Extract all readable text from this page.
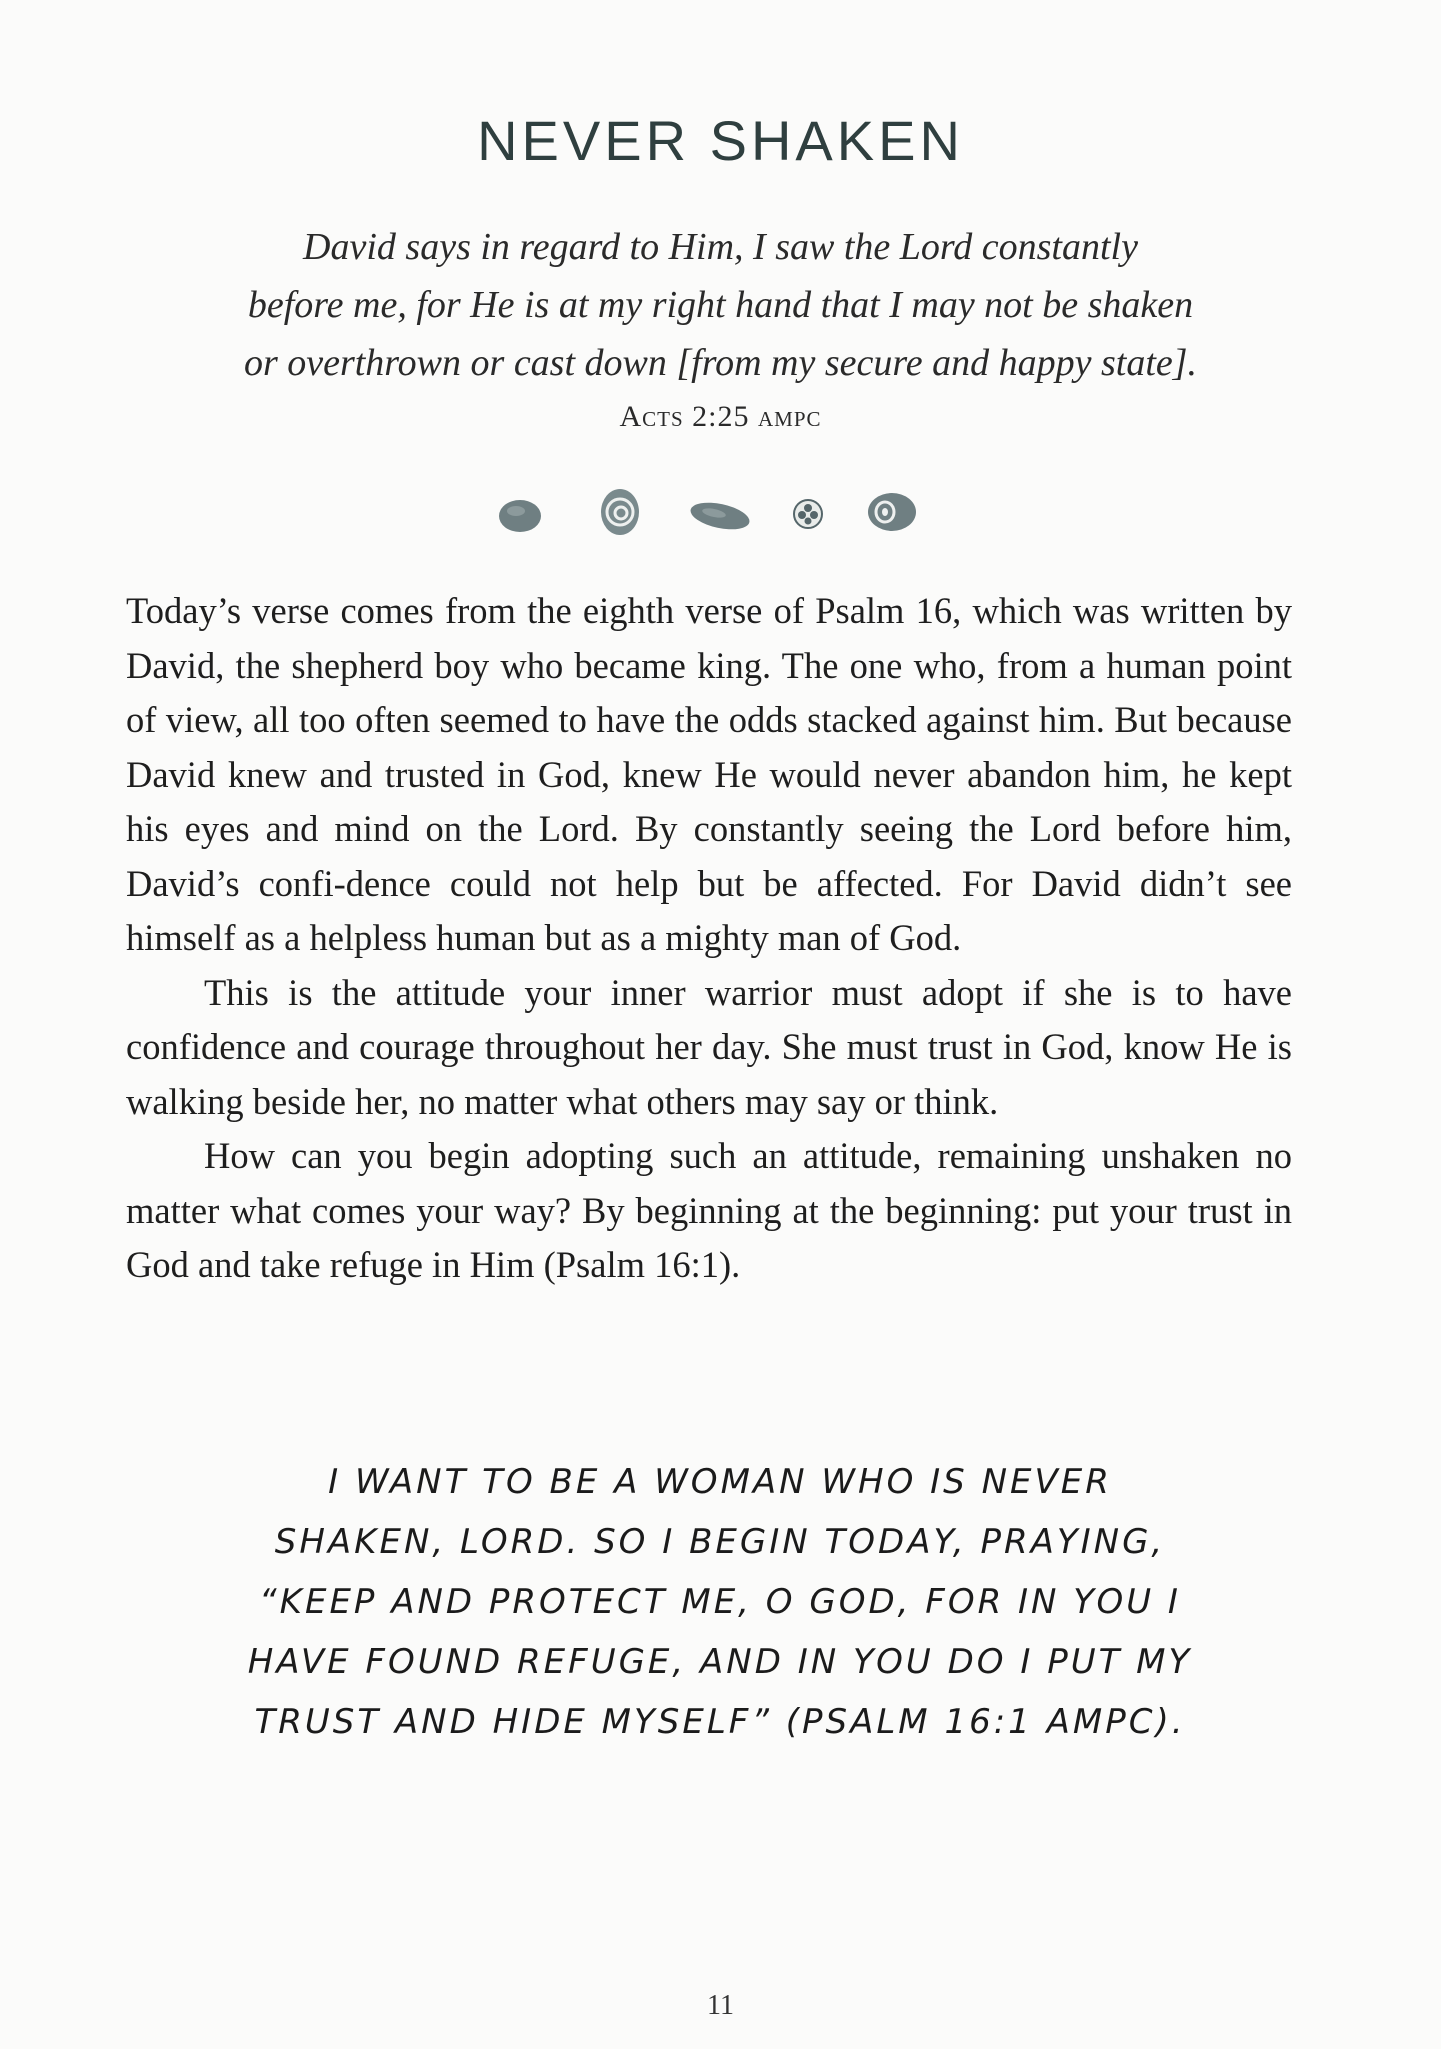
NEVER SHAKEN
David says in regard to Him, I saw the Lord constantly
before me, for He is at my right hand that I may not be shaken
or overthrown or cast down [from my secure and happy state].
Acts 2:25 ampc

Today’s verse comes from the eighth verse of Psalm 16, which was written by David, the shepherd boy who became king. The one who, from a human point of view, all too often seemed to have the odds stacked against him. But because David knew and trusted in God, knew He would never abandon him, he kept his eyes and mind on the Lord. By constantly seeing the Lord before him, David’s confi-dence could not help but be affected. For David didn’t see himself as a helpless human but as a mighty man of God.

This is the attitude your inner warrior must adopt if she is to have confidence and courage throughout her day. She must trust in God, know He is walking beside her, no matter what others may say or think.

How can you begin adopting such an attitude, remaining unshaken no matter what comes your way? By beginning at the beginning: put your trust in God and take refuge in Him (Psalm 16:1).

I WANT TO BE A WOMAN WHO IS NEVER
SHAKEN, LORD. SO I BEGIN TODAY, PRAYING,
“KEEP AND PROTECT ME, O GOD, FOR IN YOU I
HAVE FOUND REFUGE, AND IN YOU DO I PUT MY
TRUST AND HIDE MYSELF” (PSALM 16:1 AMPC).
11
